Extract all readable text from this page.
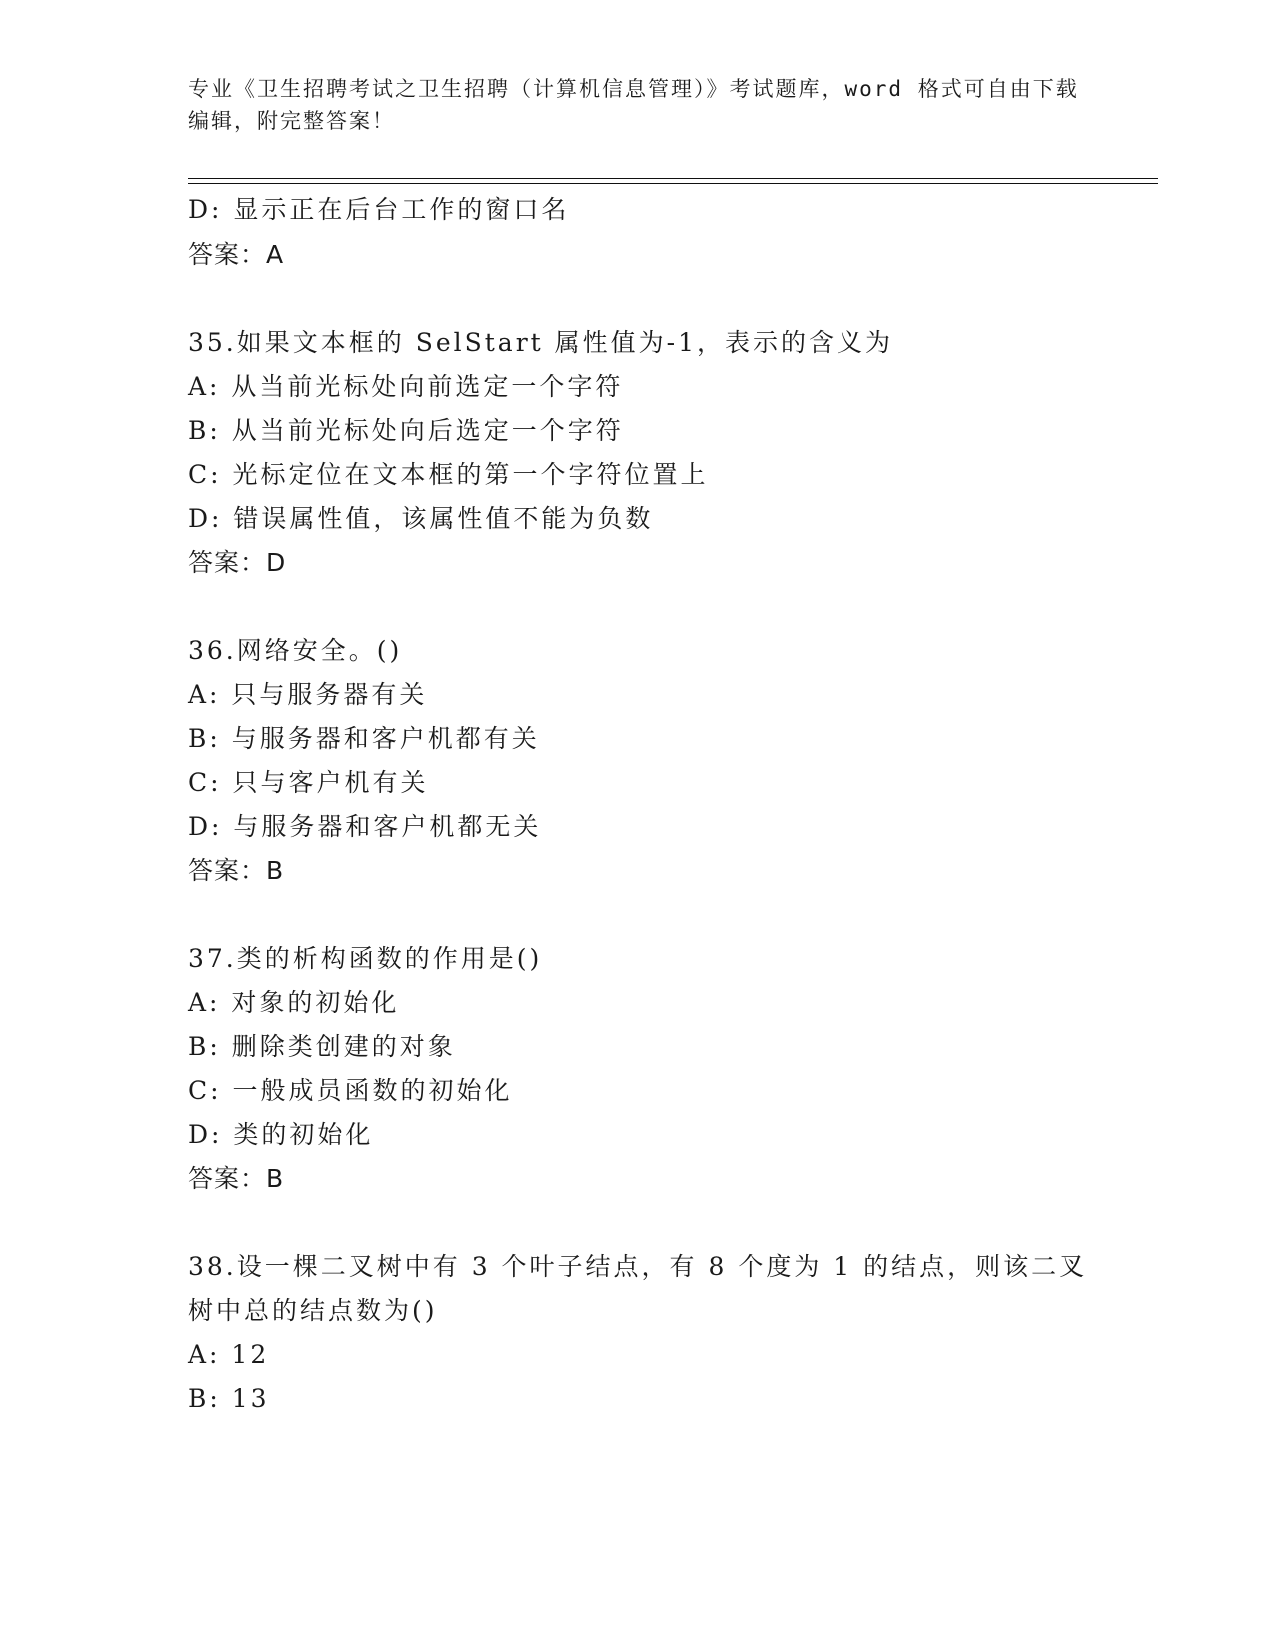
专业《卫生招聘考试之卫生招聘（计算机信息管理）》考试题库，word 格式可自由下载编辑，附完整答案！
D: 显示正在后台工作的窗口名
答案：A
35.如果文本框的 SelStart 属性值为-1，表示的含义为
A: 从当前光标处向前选定一个字符
B: 从当前光标处向后选定一个字符
C: 光标定位在文本框的第一个字符位置上
D: 错误属性值，该属性值不能为负数
答案：D
36.网络安全。()
A: 只与服务器有关
B: 与服务器和客户机都有关
C: 只与客户机有关
D: 与服务器和客户机都无关
答案：B
37.类的析构函数的作用是()
A: 对象的初始化
B: 删除类创建的对象
C: 一般成员函数的初始化
D: 类的初始化
答案：B
38.设一棵二叉树中有 3 个叶子结点，有 8 个度为 1 的结点，则该二叉
树中总的结点数为()
A: 12
B: 13
